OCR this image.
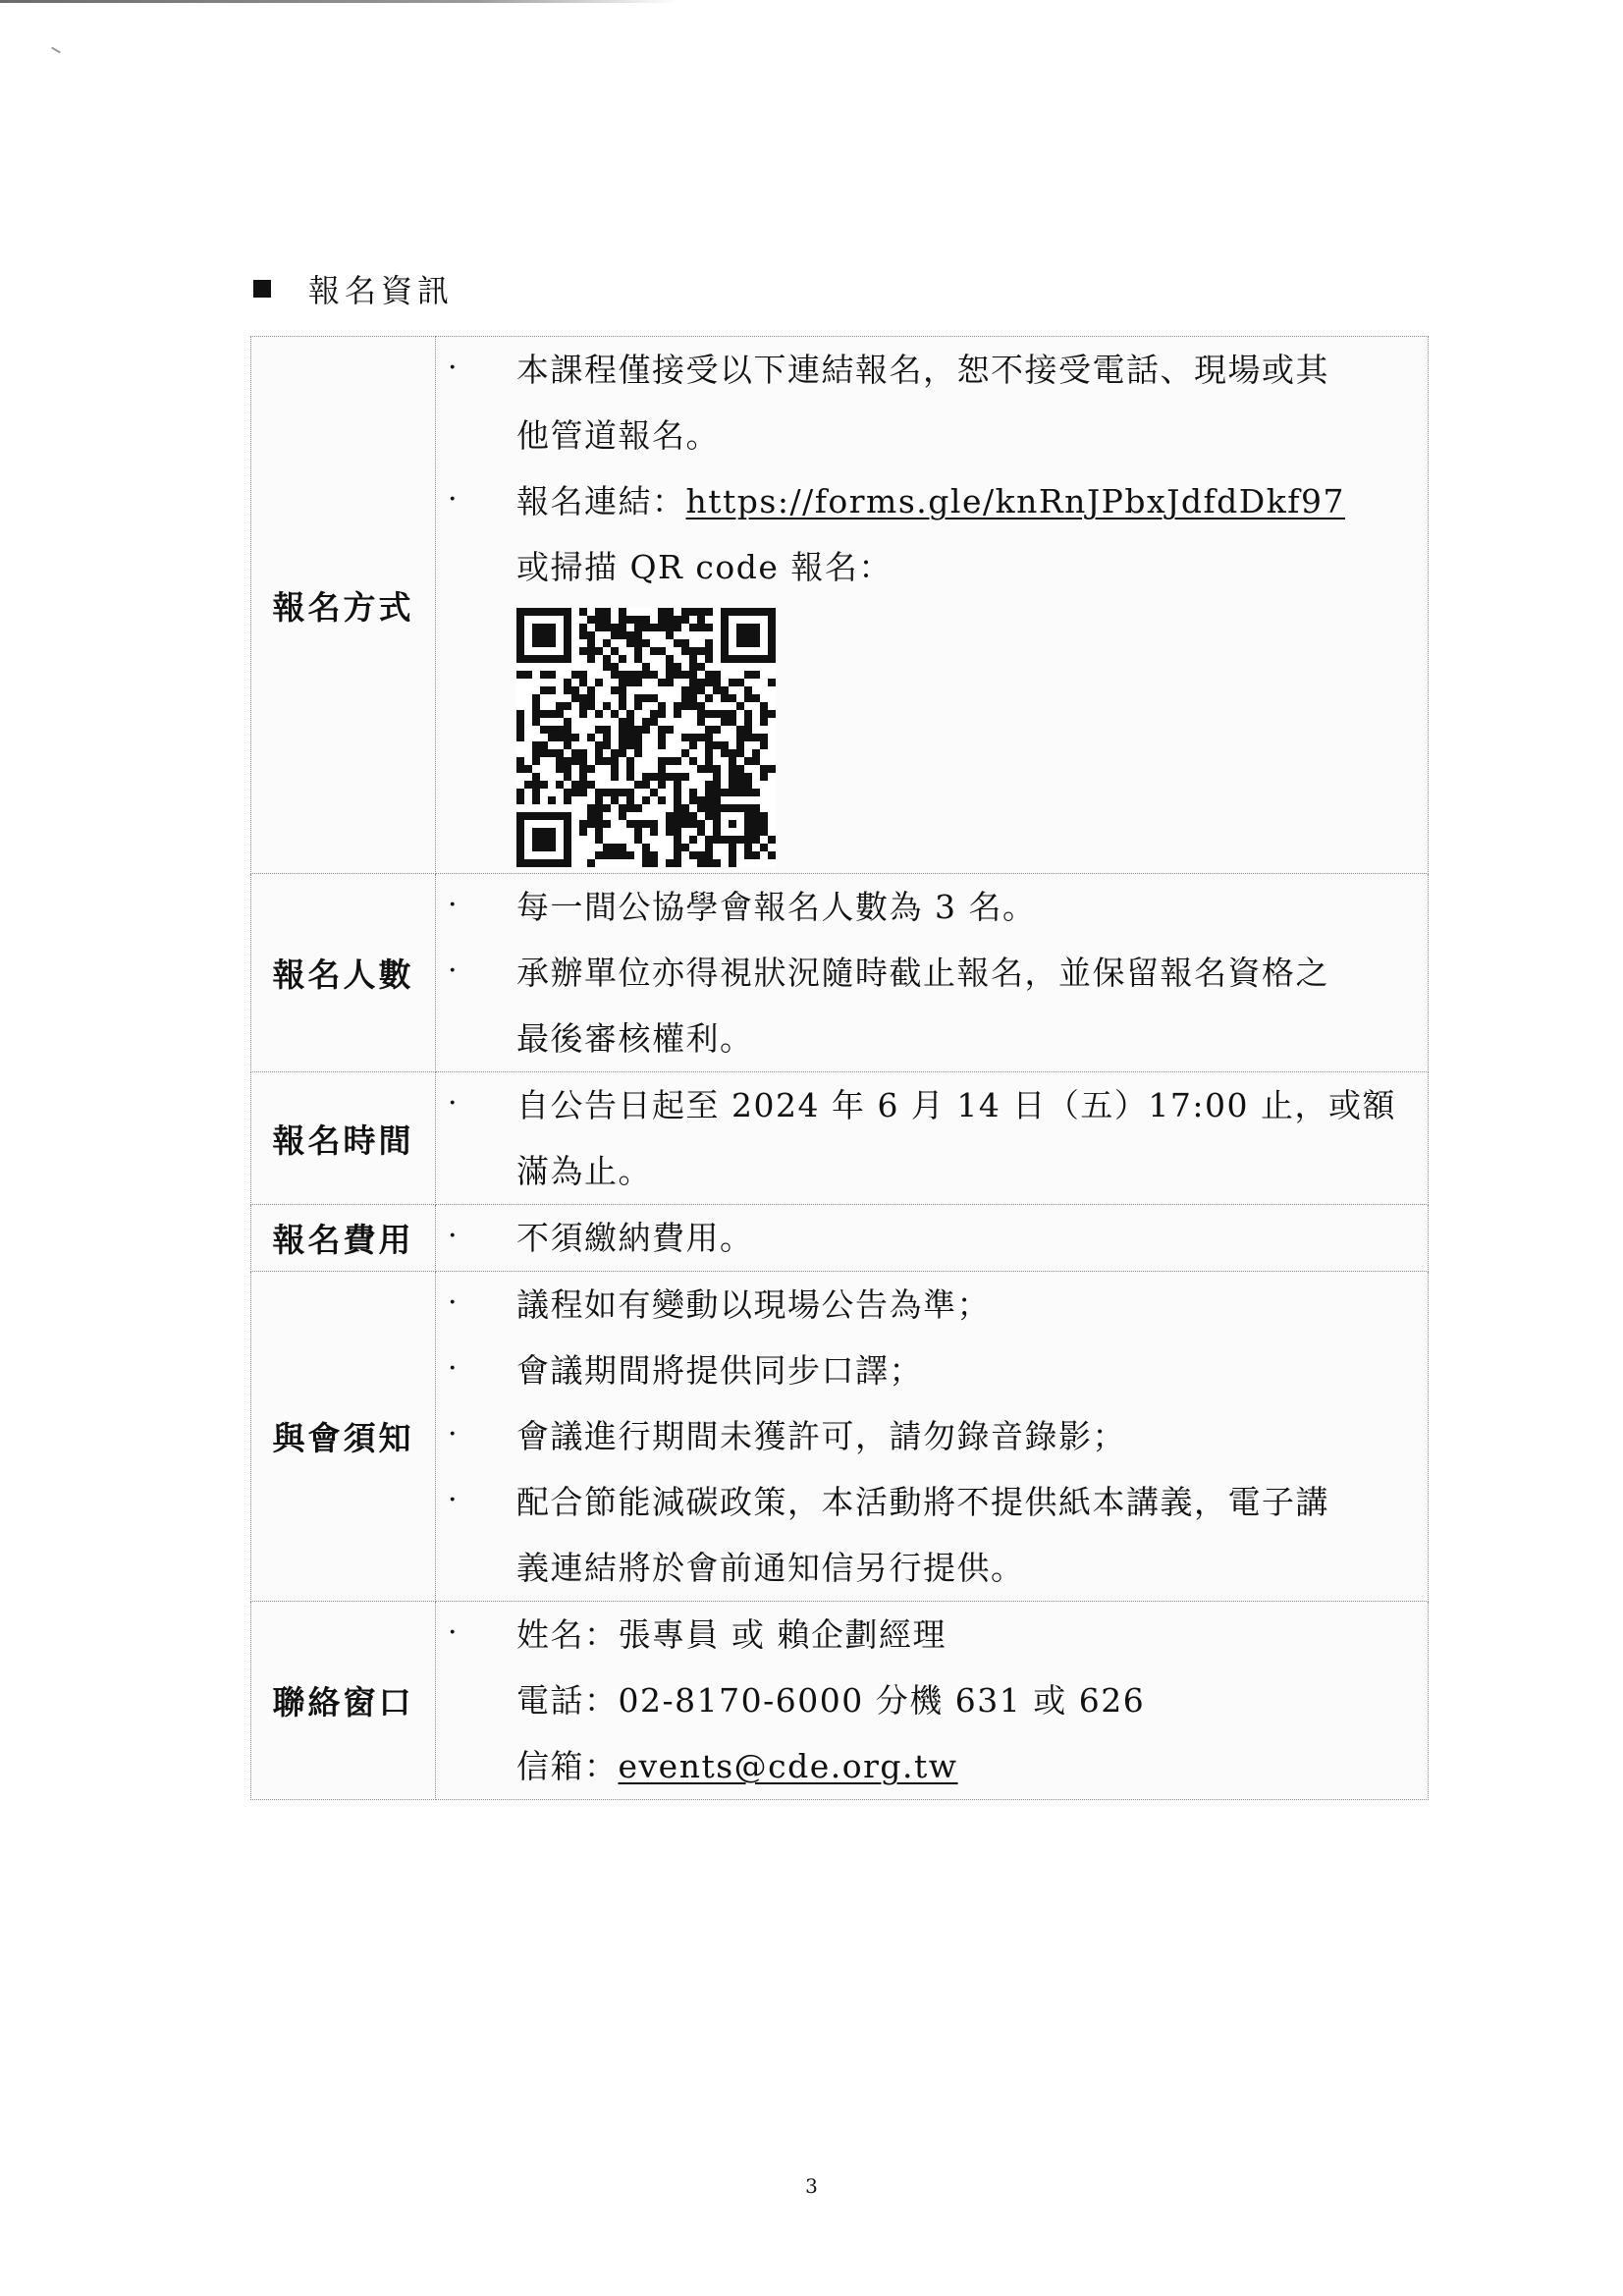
報名資訊
報名方式	· 本課程僅接受以下連結報名，恕不接受電話、現場或其
他管道報名。
· 報名連結：https://forms.gle/knRnJPbxJdfdDkf97
或掃描 QR code 報名：

報名人數	· 每一間公協學會報名人數為 3 名。
· 承辦單位亦得視狀況隨時截止報名，並保留報名資格之
最後審核權利。

報名時間	· 自公告日起至 2024 年 6 月 14 日（五）17:00 止，或額
滿為止。

報名費用	· 不須繳納費用。

與會須知	· 議程如有變動以現場公告為準；
· 會議期間將提供同步口譯；
· 會議進行期間未獲許可，請勿錄音錄影；
· 配合節能減碳政策，本活動將不提供紙本講義，電子講
義連結將於會前通知信另行提供。

聯絡窗口	· 姓名：張專員 或 賴企劃經理
電話：02-8170-6000 分機 631 或 626
信箱：events@cde.org.tw
3
